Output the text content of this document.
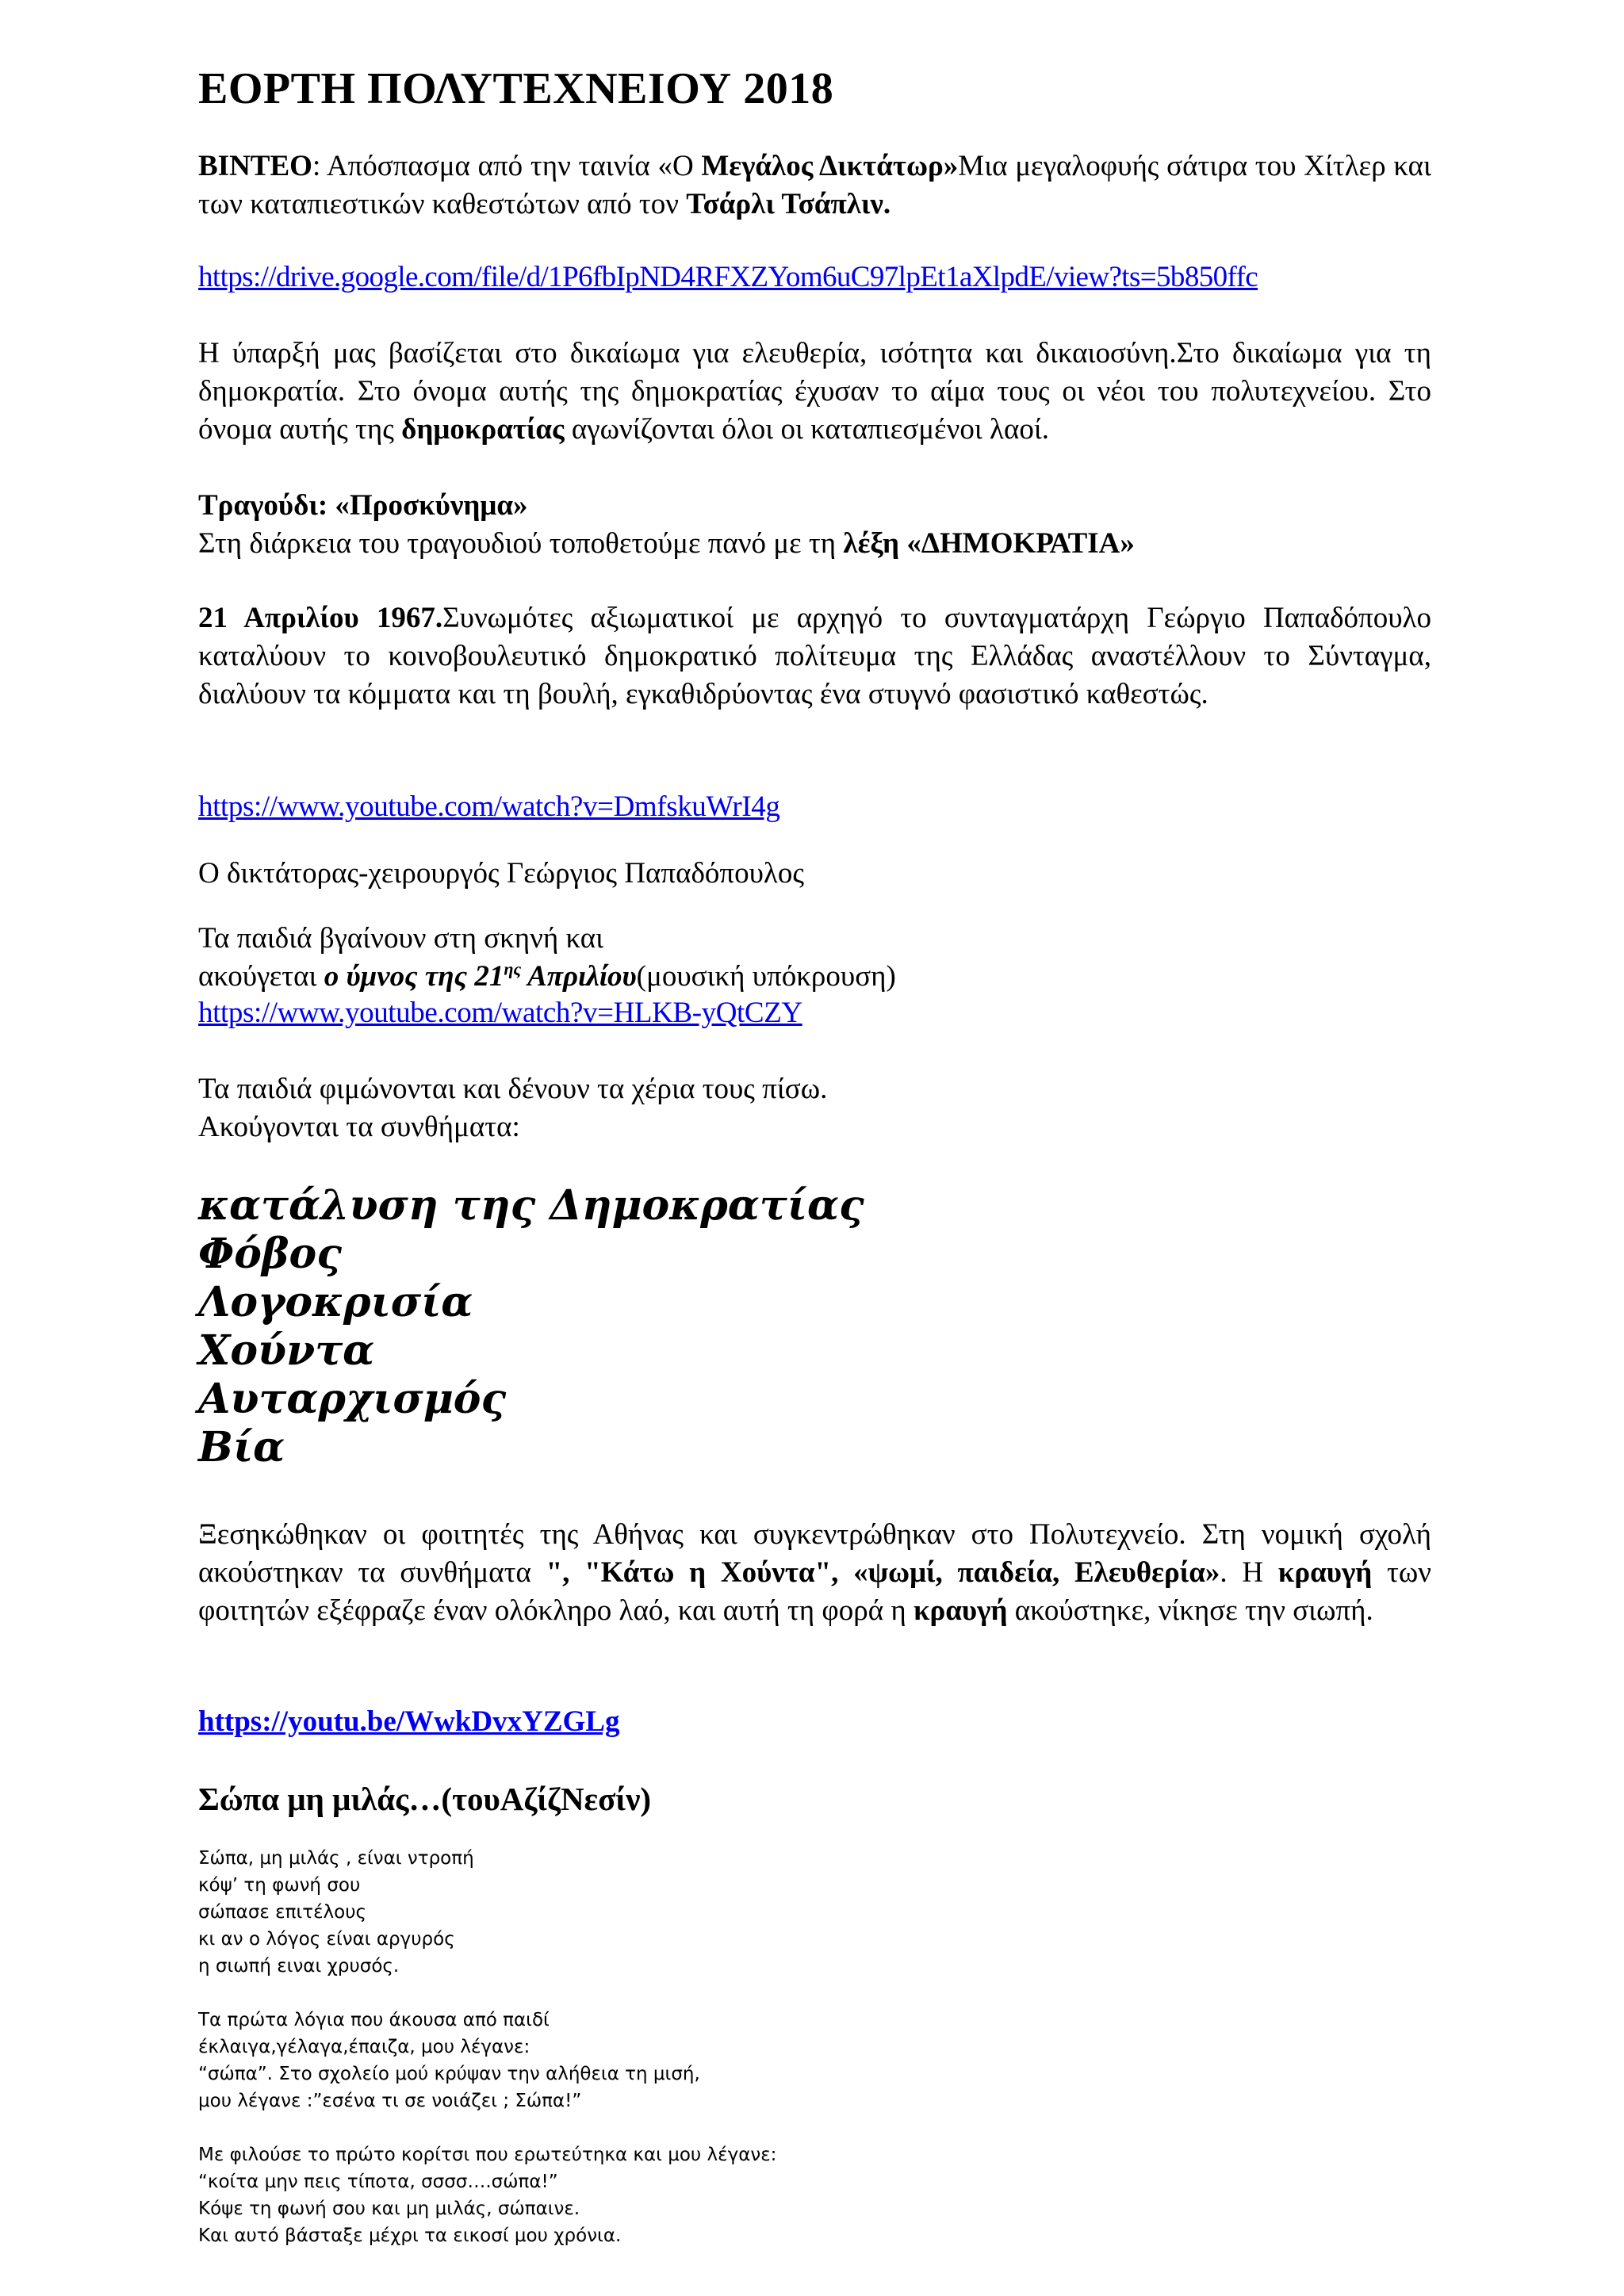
ΕΟΡΤΗ ΠΟΛΥΤΕΧΝΕΙΟΥ 2018

ΒΙΝΤΕΟ: Απόσπασμα από την ταινία «Ο Μεγάλος Δικτάτωρ»Μια μεγαλοφυής σάτιρα του Χίτλερ και των καταπιεστικών καθεστώτων από τον Τσάρλι Τσάπλιν.

https://drive.google.com/file/d/1P6fbIpND4RFXZYom6uC97lpEt1aXlpdE/view?ts=5b850ffc

Η ύπαρξή μας βασίζεται στο δικαίωμα για ελευθερία, ισότητα και δικαιοσύνη.Στο δικαίωμα για τη δημοκρατία. Στο όνομα αυτής της δημοκρατίας έχυσαν το αίμα τους οι νέοι του πολυτεχνείου. Στο όνομα αυτής της δημοκρατίας αγωνίζονται όλοι οι καταπιεσμένοι λαοί.

Τραγούδι: «Προσκύνημα»

Στη διάρκεια του τραγουδιού τοποθετούμε πανό με τη λέξη «ΔΗΜΟΚΡΑΤΙΑ»

21 Απριλίου 1967.Συνωμότες αξιωματικοί με αρχηγό το συνταγματάρχη Γεώργιο Παπαδόπουλο καταλύουν το κοινοβουλευτικό δημοκρατικό πολίτευμα της Ελλάδας αναστέλλουν το Σύνταγμα, διαλύουν τα κόμματα και τη βουλή, εγκαθιδρύοντας ένα στυγνό φασιστικό καθεστώς.

https://www.youtube.com/watch?v=DmfskuWrI4g

Ο δικτάτορας-χειρουργός Γεώργιος Παπαδόπουλος

Τα παιδιά βγαίνουν στη σκηνή και

ακούγεται ο ύμνος της $21^{\eta\varsigma}$ Απριλίου(μουσική υπόκρουση)

https://www.youtube.com/watch?v=HLKB-yQtCZY

Τα παιδιά φιμώνονται και δένουν τα χέρια τους πίσω.

Ακούγονται τα συνθήματα:

κατάλυση της Δημοκρατίας
Φόβος
Λογοκρισία
Χούντα
Αυταρχισμός
Βία

Ξεσηκώθηκαν οι φοιτητές της Αθήνας και συγκεντρώθηκαν στο Πολυτεχνείο. Στη νομική σχολή ακούστηκαν τα συνθήματα ", "Κάτω η Χούντα", «ψωμί, παιδεία, Ελευθερία». Η κραυγή των φοιτητών εξέφραζε έναν ολόκληρο λαό, και αυτή τη φορά η κραυγή ακούστηκε, νίκησε την σιωπή.

https://youtu.be/WwkDvxYZGLg

Σώπα μη μιλάς…(τουΑζίζΝεσίν)
Σώπα, μη μιλάς , είναι ντροπή
κόψ’ τη φωνή σου
σώπασε επιτέλους
κι αν ο λόγος είναι αργυρός
η σιωπή ειναι χρυσός.
Τα πρώτα λόγια που άκουσα από παιδί
έκλαιγα,γέλαγα,έπαιζα, μου λέγανε:
“σώπα”. Στο σχολείο μού κρύψαν την αλήθεια τη μισή,
μου λέγανε :”εσένα τι σε νοιάζει ; Σώπα!”
Με φιλούσε το πρώτο κορίτσι που ερωτεύτηκα και μου λέγανε:
“κοίτα μην πεις τίποτα, σσσσ….σώπα!”
Κόψε τη φωνή σου και μη μιλάς, σώπαινε.
Και αυτό βάσταξε μέχρι τα εικοσί μου χρόνια.
